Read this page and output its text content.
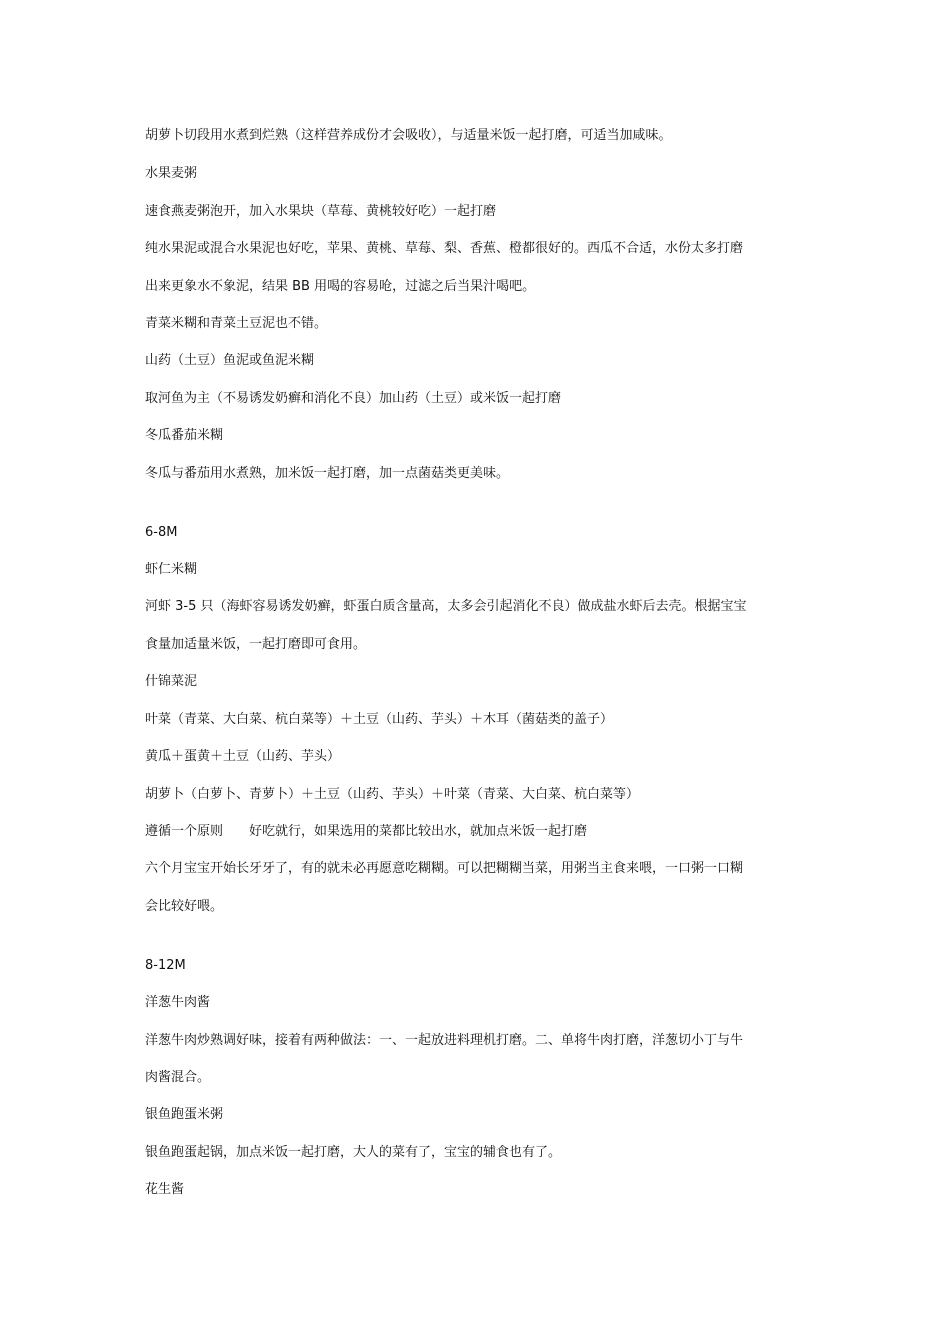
胡萝卜切段用水煮到烂熟（这样营养成份才会吸收），与适量米饭一起打磨，可适当加咸味。
水果麦粥
速食燕麦粥泡开，加入水果块（草莓、黄桃较好吃）一起打磨
纯水果泥或混合水果泥也好吃，苹果、黄桃、草莓、梨、香蕉、橙都很好的。西瓜不合适，水份太多打磨
出来更象水不象泥，结果 BB 用喝的容易呛，过滤之后当果汁喝吧。
青菜米糊和青菜土豆泥也不错。
山药（土豆）鱼泥或鱼泥米糊
取河鱼为主（不易诱发奶癣和消化不良）加山药（土豆）或米饭一起打磨
冬瓜番茄米糊
冬瓜与番茄用水煮熟，加米饭一起打磨，加一点菌菇类更美味。
6-8M
虾仁米糊
河虾 3-5 只（海虾容易诱发奶癣，虾蛋白质含量高，太多会引起消化不良）做成盐水虾后去壳。根据宝宝
食量加适量米饭，一起打磨即可食用。
什锦菜泥
叶菜（青菜、大白菜、杭白菜等）＋土豆（山药、芋头）＋木耳（菌菇类的盖子）
黄瓜＋蛋黄＋土豆（山药、芋头）
胡萝卜（白萝卜、青萝卜）＋土豆（山药、芋头）＋叶菜（青菜、大白菜、杭白菜等）
遵循一个原则　　好吃就行，如果选用的菜都比较出水，就加点米饭一起打磨
六个月宝宝开始长牙牙了，有的就未必再愿意吃糊糊。可以把糊糊当菜，用粥当主食来喂，一口粥一口糊
会比较好喂。
8-12M
洋葱牛肉酱
洋葱牛肉炒熟调好味，接着有两种做法：一、一起放进料理机打磨。二、单将牛肉打磨，洋葱切小丁与牛
肉酱混合。
银鱼跑蛋米粥
银鱼跑蛋起锅，加点米饭一起打磨，大人的菜有了，宝宝的辅食也有了。
花生酱
